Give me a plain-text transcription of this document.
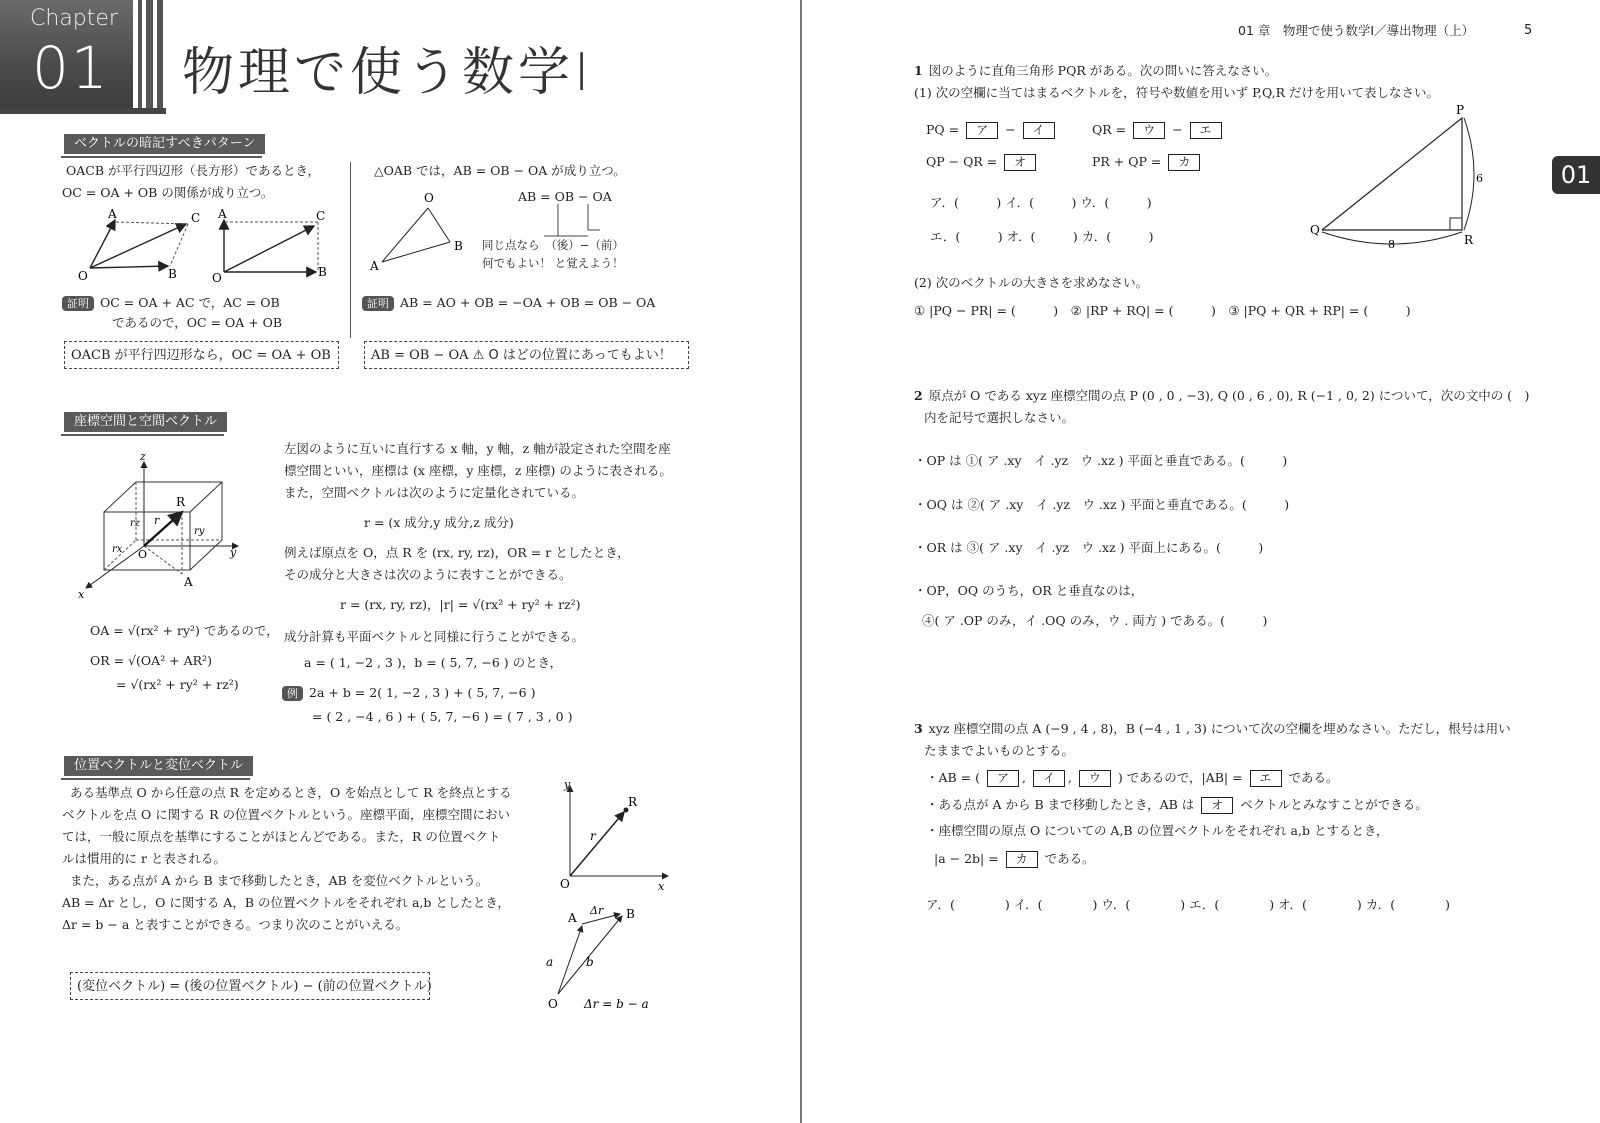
Chapter
01 物理で使う数学Ⅰ
ベクトルの暗記すべきパターン
OACB が平行四辺形（長方形）であるとき，
OC = OA + OB の関係が成り立つ。
O
A
B
C
O
A
B
C
証明 OC = OA + AC で，AC = OB
であるので，OC = OA + OB
OACB が平行四辺形なら，OC = OA + OB
△OAB では，AB = OB − OA が成り立つ。
AB = OB − OA
O
A
B 同じ点なら　（後）−（前）
何でもよい！ と覚えよう！
証明 AB = AO + OB = −OA + OB = OB − OA
AB = OB − OA ⚠ O はどの位置にあってもよい！
座標空間と空間ベクトル
z
y
x
R
O
A
r
rz
ry
rx
OA = √(rx² + ry²) であるので，
OR = √(OA² + AR²)
= √(rx² + ry² + rz²)
左図のように互いに直行する x 軸，y 軸，z 軸が設定された空間を座
標空間といい，座標は (x 座標，y 座標，z 座標) のように表される。
また，空間ベクトルは次のように定量化されている。
r = (x 成分,y 成分,z 成分)
例えば原点を O，点 R を (rx, ry, rz)，OR = r としたとき，
その成分と大きさは次のように表すことができる。
r = (rx, ry, rz)，|r| = √(rx² + ry² + rz²)
成分計算も平面ベクトルと同様に行うことができる。
a = ( 1, −2 , 3 )，b = ( 5, 7, −6 ) のとき，
例 2a + b = 2( 1, −2 , 3 ) + ( 5, 7, −6 )
= ( 2 , −4 , 6 ) + ( 5, 7, −6 ) = ( 7 , 3 , 0 )
位置ベクトルと変位ベクトル
ある基準点 O から任意の点 R を定めるとき，O を始点として R を終点とする
ベクトルを点 O に関する R の位置ベクトルという。座標平面，座標空間におい
ては，一般に原点を基準にすることがほとんどである。また，R の位置ベクト
ルは慣用的に r と表される。
また，ある点が A から B まで移動したとき，AB を変位ベクトルという。
AB = Δr とし，O に関する A，B の位置ベクトルをそれぞれ a,b としたとき，
Δr = b − a と表すことができる。つまり次のことがいえる。
(変位ベクトル) = (後の位置ベクトル) − (前の位置ベクトル)
y
x
O
R
r
O
A	B
a	b
Δr
Δr = b − a
01 章　物理で使う数学Ⅰ／導出物理（上）	5
01
1 図のように直角三角形 PQR がある。次の問いに答えなさい。
(1) 次の空欄に当てはまるベクトルを，符号や数値を用いず P,Q,R だけを用いて表しなさい。
PQ = ア − イ	QR = ウ − エ
QP − QR = オ	PR + QP = カ
ア．(　　　) イ．(　　　) ウ．(　　　)
エ．(　　　) オ．(　　　) カ．(　　　)
P
Q
R
6
8
(2) 次のベクトルの大きさを求めなさい。
① |PQ − PR| = (　　　)　② |RP + RQ| = (　　　)　③ |PQ + QR + RP| = (　　　)
2 原点が O である xyz 座標空間の点 P (0 , 0 , −3), Q (0 , 6 , 0), R (−1 , 0, 2) について，次の文中の (　)
内を記号で選択しなさい。
・OP は ①( ア .xy　イ .yz　ウ .xz ) 平面と垂直である。(　　　)
・OQ は ②( ア .xy　イ .yz　ウ .xz ) 平面と垂直である。(　　　)
・OR は ③( ア .xy　イ .yz　ウ .xz ) 平面上にある。(　　　)
・OP，OQ のうち，OR と垂直なのは，
④( ア .OP のみ，イ .OQ のみ，ウ . 両方 ) である。(　　　)
3 xyz 座標空間の点 A (−9 , 4 , 8)，B (−4 , 1 , 3) について次の空欄を埋めなさい。ただし，根号は用い
たままでよいものとする。
・AB = ( ア , イ , ウ ) であるので，|AB| = エ である。
・ある点が A から B まで移動したとき，AB は オ ベクトルとみなすことができる。
・座標空間の原点 O についての A,B の位置ベクトルをそれぞれ a,b とするとき，
|a − 2b| = カ である。
ア．(　　　　) イ．(　　　　) ウ．(　　　　) エ．(　　　　) オ．(　　　　) カ．(　　　　)
